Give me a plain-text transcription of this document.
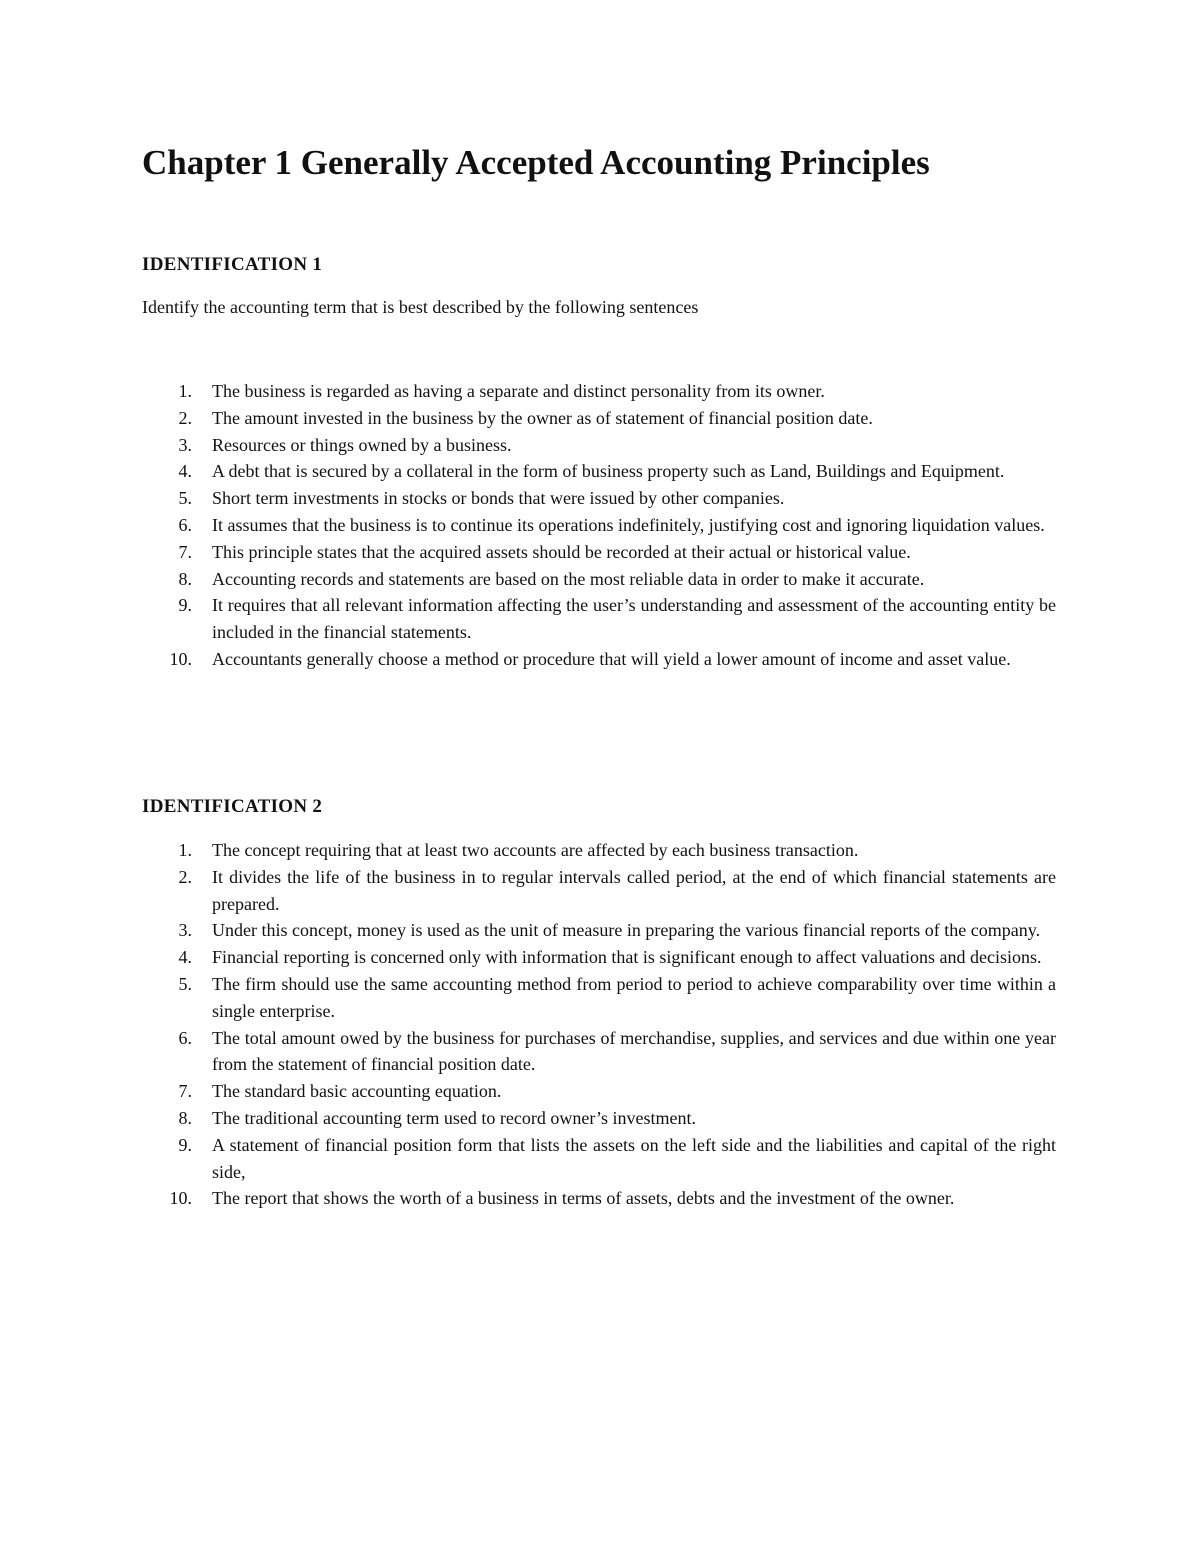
Chapter 1 Generally Accepted Accounting Principles
IDENTIFICATION 1

Identify the accounting term that is best described by the following sentences

1. The business is regarded as having a separate and distinct personality from its owner.
2. The amount invested in the business by the owner as of statement of financial position date.
3. Resources or things owned by a business.
4. A debt that is secured by a collateral in the form of business property such as Land, Buildings and Equipment.
5. Short term investments in stocks or bonds that were issued by other companies.
6. It assumes that the business is to continue its operations indefinitely, justifying cost and ignoring liquidation values.
7. This principle states that the acquired assets should be recorded at their actual or historical value.
8. Accounting records and statements are based on the most reliable data in order to make it accurate.
9. It requires that all relevant information affecting the user’s understanding and assessment of the accounting entity be included in the financial statements.
10. Accountants generally choose a method or procedure that will yield a lower amount of income and asset value.
IDENTIFICATION 2
1. The concept requiring that at least two accounts are affected by each business transaction.
2. It divides the life of the business in to regular intervals called period, at the end of which financial statements are prepared.
3. Under this concept, money is used as the unit of measure in preparing the various financial reports of the company.
4. Financial reporting is concerned only with information that is significant enough to affect valuations and decisions.
5. The firm should use the same accounting method from period to period to achieve comparability over time within a single enterprise.
6. The total amount owed by the business for purchases of merchandise, supplies, and services and due within one year from the statement of financial position date.
7. The standard basic accounting equation.
8. The traditional accounting term used to record owner’s investment.
9. A statement of financial position form that lists the assets on the left side and the liabilities and capital of the right side,
10. The report that shows the worth of a business in terms of assets, debts and the investment of the owner.
